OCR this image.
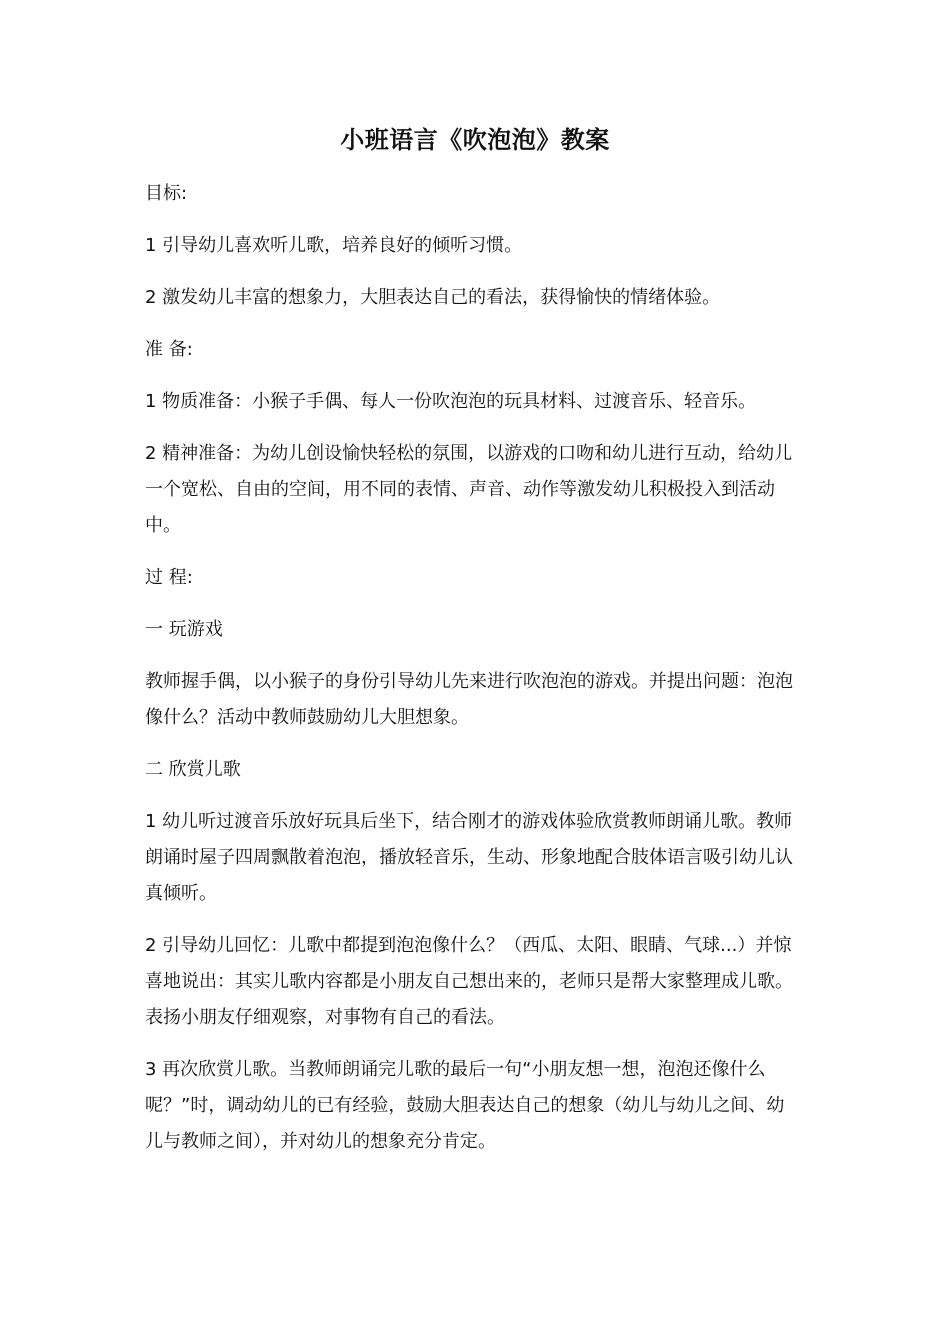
小班语言《吹泡泡》教案

目标:

1 引导幼儿喜欢听儿歌，培养良好的倾听习惯。

2 激发幼儿丰富的想象力，大胆表达自己的看法，获得愉快的情绪体验。

准 备:

1 物质准备：小猴子手偶、每人一份吹泡泡的玩具材料、过渡音乐、轻音乐。

2 精神准备：为幼儿创设愉快轻松的氛围，以游戏的口吻和幼儿进行互动，给幼儿一个宽松、自由的空间，用不同的表情、声音、动作等激发幼儿积极投入到活动中。

过 程:

一 玩游戏

教师握手偶，以小猴子的身份引导幼儿先来进行吹泡泡的游戏。并提出问题：泡泡像什么？活动中教师鼓励幼儿大胆想象。

二 欣赏儿歌

1 幼儿听过渡音乐放好玩具后坐下，结合刚才的游戏体验欣赏教师朗诵儿歌。教师朗诵时屋子四周飘散着泡泡，播放轻音乐，生动、形象地配合肢体语言吸引幼儿认真倾听。

2 引导幼儿回忆：儿歌中都提到泡泡像什么？（西瓜、太阳、眼睛、气球...）并惊喜地说出：其实儿歌内容都是小朋友自己想出来的，老师只是帮大家整理成儿歌。表扬小朋友仔细观察，对事物有自己的看法。

3 再次欣赏儿歌。当教师朗诵完儿歌的最后一句“小朋友想一想，泡泡还像什么呢？”时，调动幼儿的已有经验，鼓励大胆表达自己的想象（幼儿与幼儿之间、幼儿与教师之间），并对幼儿的想象充分肯定。
